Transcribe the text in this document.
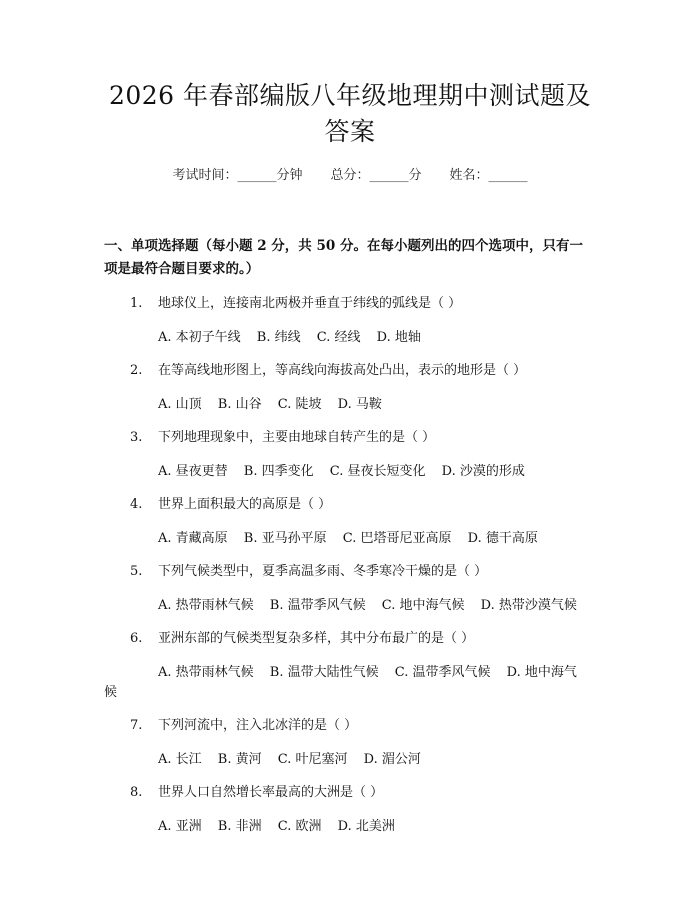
2026 年春部编版八年级地理期中测试题及答案
考试时间：______分钟 总分：______分 姓名：______
一、单项选择题（每小题 2 分，共 50 分。在每小题列出的四个选项中，只有一项是最符合题目要求的。）
1.	地球仪上，连接南北两极并垂直于纬线的弧线是（ ）
A. 本初子午线 B. 纬线 C. 经线 D. 地轴
2.	在等高线地形图上，等高线向海拔高处凸出，表示的地形是（ ）
A. 山顶 B. 山谷 C. 陡坡 D. 马鞍
3.	下列地理现象中，主要由地球自转产生的是（ ）
A. 昼夜更替 B. 四季变化 C. 昼夜长短变化 D. 沙漠的形成
4.	世界上面积最大的高原是（ ）
A. 青藏高原 B. 亚马孙平原 C. 巴塔哥尼亚高原 D. 德干高原
5.	下列气候类型中，夏季高温多雨、冬季寒冷干燥的是（ ）
A. 热带雨林气候 B. 温带季风气候 C. 地中海气候 D. 热带沙漠气候
6.	亚洲东部的气候类型复杂多样，其中分布最广的是（ ）
A. 热带雨林气候 B. 温带大陆性气候 C. 温带季风气候 D. 地中海气候
7.	下列河流中，注入北冰洋的是（ ）
A. 长江 B. 黄河 C. 叶尼塞河 D. 湄公河
8.	世界人口自然增长率最高的大洲是（ ）
A. 亚洲 B. 非洲 C. 欧洲 D. 北美洲
